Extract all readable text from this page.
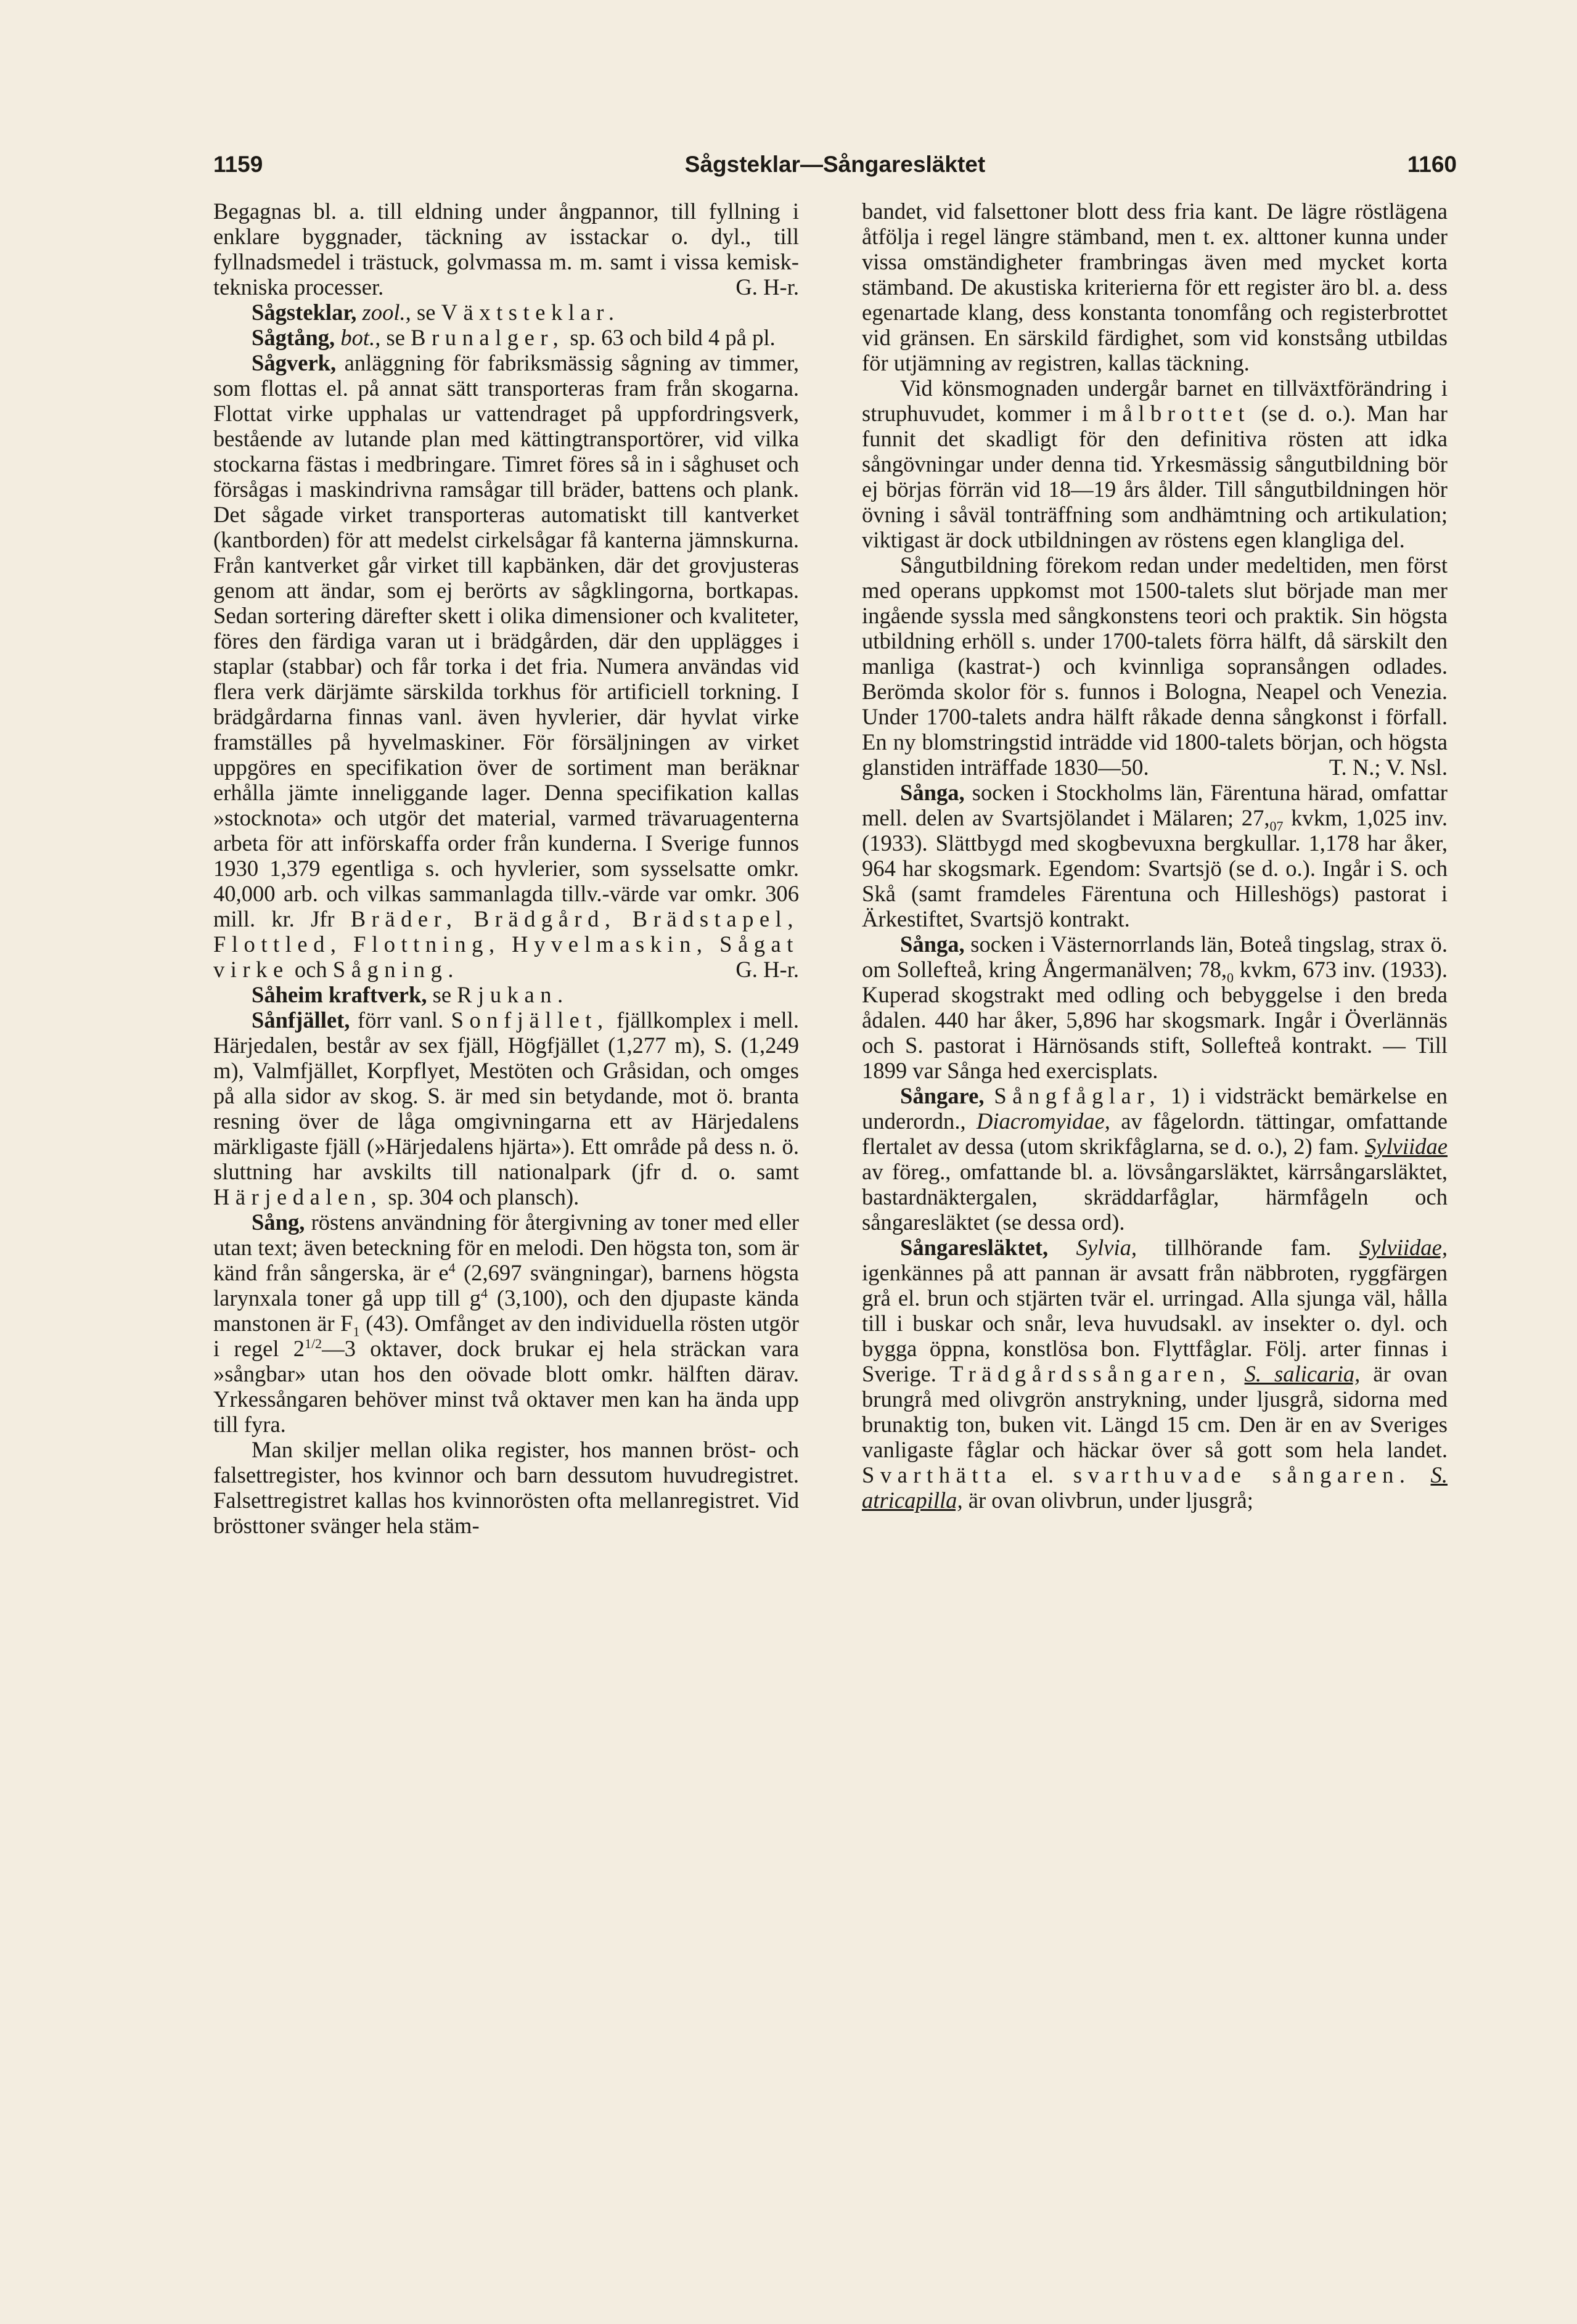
1159	Sågsteklar—Sångaresläktet	1160

Begagnas bl. a. till eldning under ångpannor, till fyllning i enklare byggnader, täckning av isstackar o. dyl., till fyllnadsmedel i trästuck, golvmassa m. m. samt i vissa kemisk-tekniska processer.	G. H-r.

Sågsteklar, zool., se Växtsteklar.

Sågtång, bot., se Brunalger, sp. 63 och bild 4 på pl.

Sågverk, anläggning för fabriksmässig sågning av timmer, som flottas el. på annat sätt transporteras fram från skogarna. Flottat virke upphalas ur vattendraget på uppfordringsverk, bestående av lutande plan med kättingtransportörer, vid vilka stockarna fästas i medbringare. Timret föres så in i såghuset och försågas i maskindrivna ramsågar till bräder, battens och plank. Det sågade virket transporteras automatiskt till kantverket (kantborden) för att medelst cirkelsågar få kanterna jämnskurna. Från kantverket går virket till kapbänken, där det grovjusteras genom att ändar, som ej berörts av sågklingorna, bortkapas. Sedan sortering därefter skett i olika dimensioner och kvaliteter, föres den färdiga varan ut i brädgården, där den upplägges i staplar (stabbar) och får torka i det fria. Numera användas vid flera verk därjämte särskilda torkhus för artificiell torkning. I brädgårdarna finnas vanl. även hyvlerier, där hyvlat virke framställes på hyvelmaskiner. För försäljningen av virket uppgöres en specifikation över de sortiment man beräknar erhålla jämte inneliggande lager. Denna specifikation kallas »stocknota» och utgör det material, varmed trävaruagenterna arbeta för att införskaffa order från kunderna. I Sverige funnos 1930 1,379 egentliga s. och hyvlerier, som sysselsatte omkr. 40,000 arb. och vilkas sammanlagda tillv.-värde var omkr. 306 mill. kr. Jfr Bräder, Brädgård, Brädstapel, Flottled, Flottning, Hyvelmaskin, Sågat virke och Sågning.	G. H-r.

Såheim kraftverk, se Rjukan.

Sånfjället, förr vanl. Sonfjället, fjällkomplex i mell. Härjedalen, består av sex fjäll, Högfjället (1,277 m), S. (1,249 m), Valmfjället, Korpflyet, Mestöten och Gråsidan, och omges på alla sidor av skog. S. är med sin betydande, mot ö. branta resning över de låga omgivningarna ett av Härjedalens märkligaste fjäll (»Härjedalens hjärta»). Ett område på dess n. ö. sluttning har avskilts till nationalpark (jfr d. o. samt Härjedalen, sp. 304 och plansch).

Sång, röstens användning för återgivning av toner med eller utan text; även beteckning för en melodi. Den högsta ton, som är känd från sångerska, är $e^4$ (2,697 svängningar), barnens högsta larynxala toner gå upp till $g^4$ (3,100), och den djupaste kända manstonen är $F_1$ (43). Omfånget av den individuella rösten utgör i regel $2^{1/2}—3$ oktaver, dock brukar ej hela sträckan vara »sångbar» utan hos den oövade blott omkr. hälften därav. Yrkessångaren behöver minst två oktaver men kan ha ända upp till fyra.

Man skiljer mellan olika register, hos mannen bröst- och falsettregister, hos kvinnor och barn dessutom huvudregistret. Falsettregistret kallas hos kvinnorösten ofta mellanregistret. Vid brösttoner svänger hela stäm-

bandet, vid falsettoner blott dess fria kant. De lägre röstlägena åtfölja i regel längre stämband, men t. ex. alttoner kunna under vissa omständigheter frambringas även med mycket korta stämband. De akustiska kriterierna för ett register äro bl. a. dess egenartade klang, dess konstanta tonomfång och registerbrottet vid gränsen. En särskild färdighet, som vid konstsång utbildas för utjämning av registren, kallas täckning.

Vid könsmognaden undergår barnet en tillväxtförändring i struphuvudet, kommer i målbrottet (se d. o.). Man har funnit det skadligt för den definitiva rösten att idka sångövningar under denna tid. Yrkesmässig sångutbildning bör ej börjas förrän vid 18—19 års ålder. Till sångutbildningen hör övning i såväl tonträffning som andhämtning och artikulation; viktigast är dock utbildningen av röstens egen klangliga del.

Sångutbildning förekom redan under medeltiden, men först med operans uppkomst mot 1500-talets slut började man mer ingående syssla med sångkonstens teori och praktik. Sin högsta utbildning erhöll s. under 1700-talets förra hälft, då särskilt den manliga (kastrat-) och kvinnliga sopransången odlades. Berömda skolor för s. funnos i Bologna, Neapel och Venezia. Under 1700-talets andra hälft råkade denna sångkonst i förfall. En ny blomstringstid inträdde vid 1800-talets början, och högsta glanstiden inträffade 1830—50.	T. N.; V. Nsl.

Sånga, socken i Stockholms län, Färentuna härad, omfattar mell. delen av Svartsjölandet i Mälaren; $27,_{07}$ kvkm, 1,025 inv. (1933). Slättbygd med skogbevuxna bergkullar. 1,178 har åker, 964 har skogsmark. Egendom: Svartsjö (se d. o.). Ingår i S. och Skå (samt framdeles Färentuna och Hilleshögs) pastorat i Ärkestiftet, Svartsjö kontrakt.

Sånga, socken i Västernorrlands län, Boteå tingslag, strax ö. om Sollefteå, kring Ångermanälven; $78,_0$ kvkm, 673 inv. (1933). Kuperad skogstrakt med odling och bebyggelse i den breda ådalen. 440 har åker, 5,896 har skogsmark. Ingår i Överlännäs och S. pastorat i Härnösands stift, Sollefteå kontrakt. — Till 1899 var Sånga hed exercisplats.

Sångare, Sångfåglar, 1) i vidsträckt bemärkelse en underordn., Diacromyidae, av fågelordn. tättingar, omfattande flertalet av dessa (utom skrikfåglarna, se d. o.), 2) fam. Sylviidae av föreg., omfattande bl. a. lövsångarsläktet, kärrsångarsläktet, bastardnäktergalen, skräddarfåglar, härmfågeln och sångaresläktet (se dessa ord).

Sångaresläktet, Sylvia, tillhörande fam. Sylviidae, igenkännes på att pannan är avsatt från näbbroten, ryggfärgen grå el. brun och stjärten tvär el. urringad. Alla sjunga väl, hålla till i buskar och snår, leva huvudsakl. av insekter o. dyl. och bygga öppna, konstlösa bon. Flyttfåglar. Följ. arter finnas i Sverige. Trädgårdssångaren, S. salicaria, är ovan brungrå med olivgrön anstrykning, under ljusgrå, sidorna med brunaktig ton, buken vit. Längd 15 cm. Den är en av Sveriges vanligaste fåglar och häckar över så gott som hela landet. Svarthätta el. svarthuvade sångaren. S. atricapilla, är ovan olivbrun, under ljusgrå;
